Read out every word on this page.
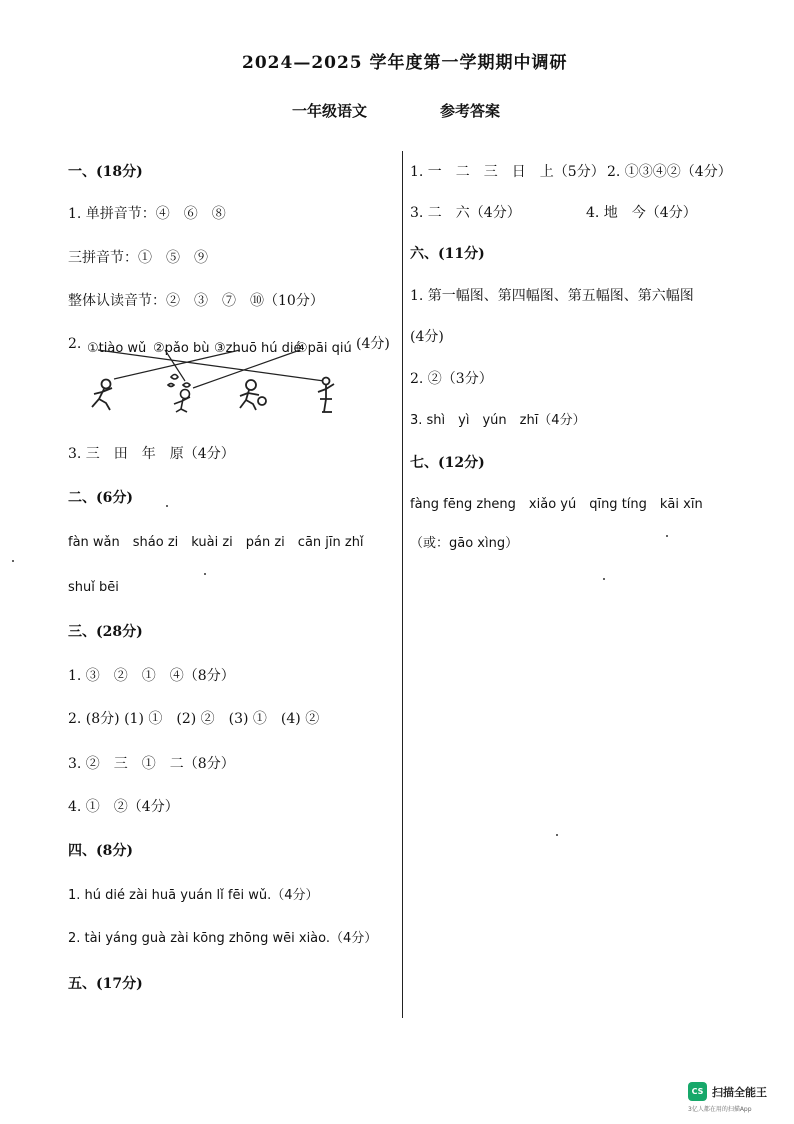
2024—2025 学年度第一学期期中调研
一年级语文	参考答案
一、(18分)
1. 单拼音节：④　⑥　⑧
三拼音节：①　⑤　⑨
整体认读音节：②　③　⑦　⑩（10分）
2. ①tiào wǔ ②pǎo bù ③zhuō hú dié
④pāi qiú (4分)
3. 三　田　年　原（4分）
二、(6分)
fàn wǎn　sháo zi　kuài zi　pán zi　cān jīn zhǐ
shuǐ bēi
三、(28分)
1. ③　②　①　④（8分）
2. (8分) (1) ①　(2) ②　(3) ①　(4) ②
3. ②　三　①　二（8分）
4. ①　②（4分）
四、(8分)
1. hú dié zài huā yuán lǐ fēi wǔ.（4分）
2. tài yáng guà zài kōng zhōng wēi xiào.（4分）
五、(17分)
1. 一　二　三　日　上（5分） 2. ①③④②（4分）
3. 二　六（4分）	4. 地　今（4分）
六、(11分)
1. 第一幅图、第四幅图、第五幅图、第六幅图
(4分)
2. ②（3分）
3. shì　yì　yún　zhī（4分）
七、(12分)
fàng fēng zheng　xiǎo yú　qīng tíng　kāi xīn
（或：gāo xìng）
CS 扫描全能王
3亿人都在用的扫描App
